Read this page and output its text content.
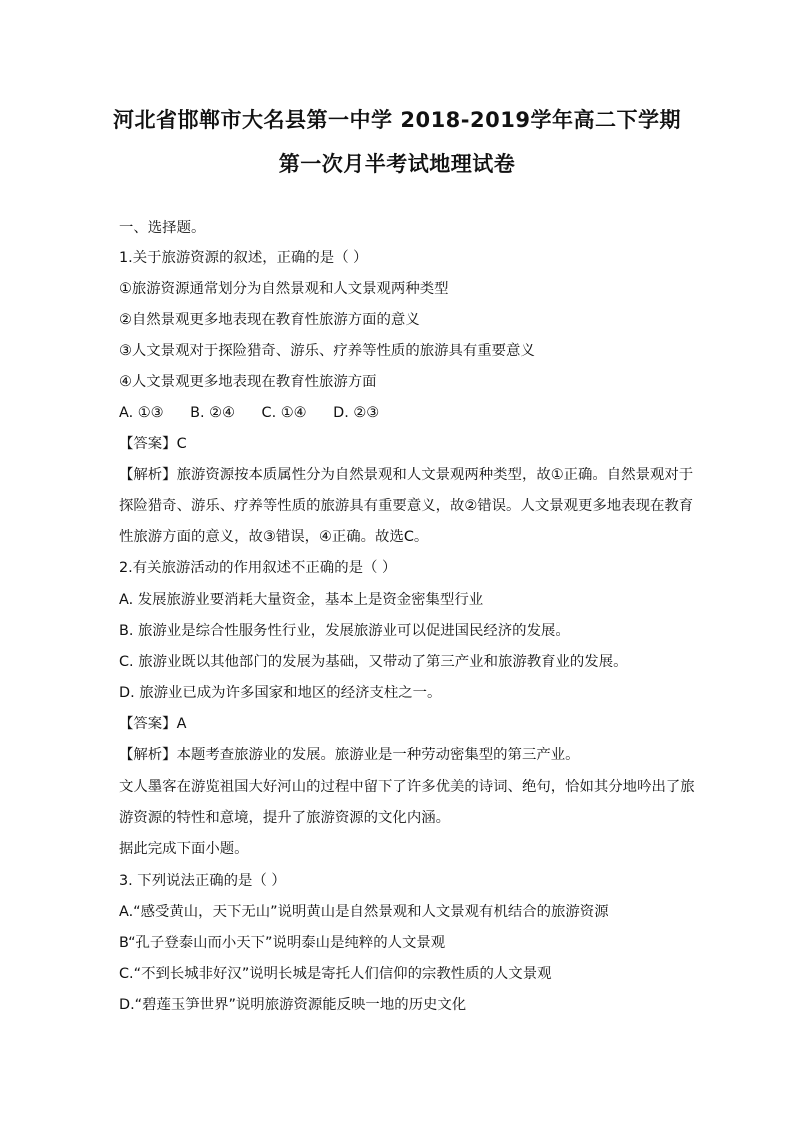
河北省邯郸市大名县第一中学 2018-2019学年高二下学期
第一次月半考试地理试卷
一、选择题。
1.关于旅游资源的叙述，正确的是（ ）
①旅游资源通常划分为自然景观和人文景观两种类型
②自然景观更多地表现在教育性旅游方面的意义
③人文景观对于探险猎奇、游乐、疗养等性质的旅游具有重要意义
④人文景观更多地表现在教育性旅游方面
A. ①③ B. ②④ C. ①④ D. ②③
【答案】C
【解析】旅游资源按本质属性分为自然景观和人文景观两种类型，故①正确。自然景观对于
探险猎奇、游乐、疗养等性质的旅游具有重要意义，故②错误。人文景观更多地表现在教育
性旅游方面的意义，故③错误，④正确。故选C。
2.有关旅游活动的作用叙述不正确的是（ ）
A. 发展旅游业要消耗大量资金，基本上是资金密集型行业
B. 旅游业是综合性服务性行业，发展旅游业可以促进国民经济的发展。
C. 旅游业既以其他部门的发展为基础，又带动了第三产业和旅游教育业的发展。
D. 旅游业已成为许多国家和地区的经济支柱之一。
【答案】A
【解析】本题考查旅游业的发展。旅游业是一种劳动密集型的第三产业。
文人墨客在游览祖国大好河山的过程中留下了许多优美的诗词、绝句，恰如其分地吟出了旅
游资源的特性和意境，提升了旅游资源的文化内涵。
据此完成下面小题。
3. 下列说法正确的是（ ）
A.“感受黄山，天下无山”说明黄山是自然景观和人文景观有机结合的旅游资源
B“孔子登泰山而小天下”说明泰山是纯粹的人文景观
C.“不到长城非好汉”说明长城是寄托人们信仰的宗教性质的人文景观
D.“碧莲玉笋世界”说明旅游资源能反映一地的历史文化
